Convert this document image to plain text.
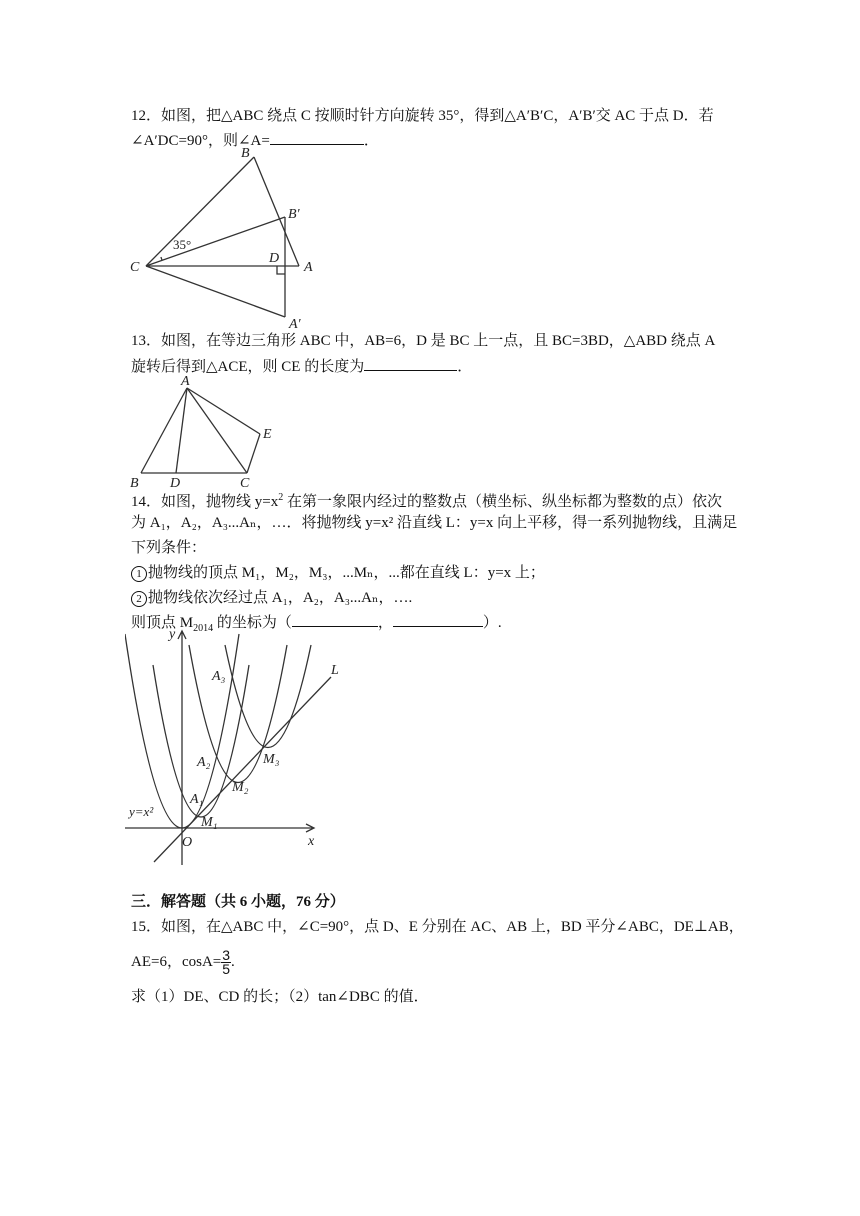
12．如图，把△ABC 绕点 C 按顺时针方向旋转 35°，得到△A′B′C，A′B′交 AC 于点 D．若
∠A′DC=90°，则∠A=	．
B
B′
C
D
A
A′
35°
13．如图，在等边三角形 ABC 中，AB=6，D 是 BC 上一点，且 BC=3BD，△ABD 绕点 A
旋转后得到△ACE，则 CE 的长度为	．
A
B D	C
E
14．如图，抛物线 $y=x^2$ 在第一象限内经过的整数点（横坐标、纵坐标都为整数的点）依次
为 A₁，A₂，A₃...Aₙ，…．将抛物线 y=x² 沿直线 L：y=x 向上平移，得一系列抛物线，且满足
下列条件：
1 抛物线的顶点 M₁，M₂，M₃，...Mₙ，...都在直线 L：y=x 上；
2 抛物线依次经过点 A₁，A₂，A₃...Aₙ，….
则顶点 $M_{2014}$ 的坐标为（	，	）.
y
x
O
L
A₁
A₂
A₃
M₁
M₂
M₃
y=x²
三．解答题（共 6 小题，76 分）
15．如图，在△ABC 中，∠C=90°，点 D、E 分别在 AC、AB 上，BD 平分∠ABC，DE⊥AB，
AE=6，$\cos A= \frac{3}{5}$ .
求（1）DE、CD 的长；（2）tan∠DBC 的值．
